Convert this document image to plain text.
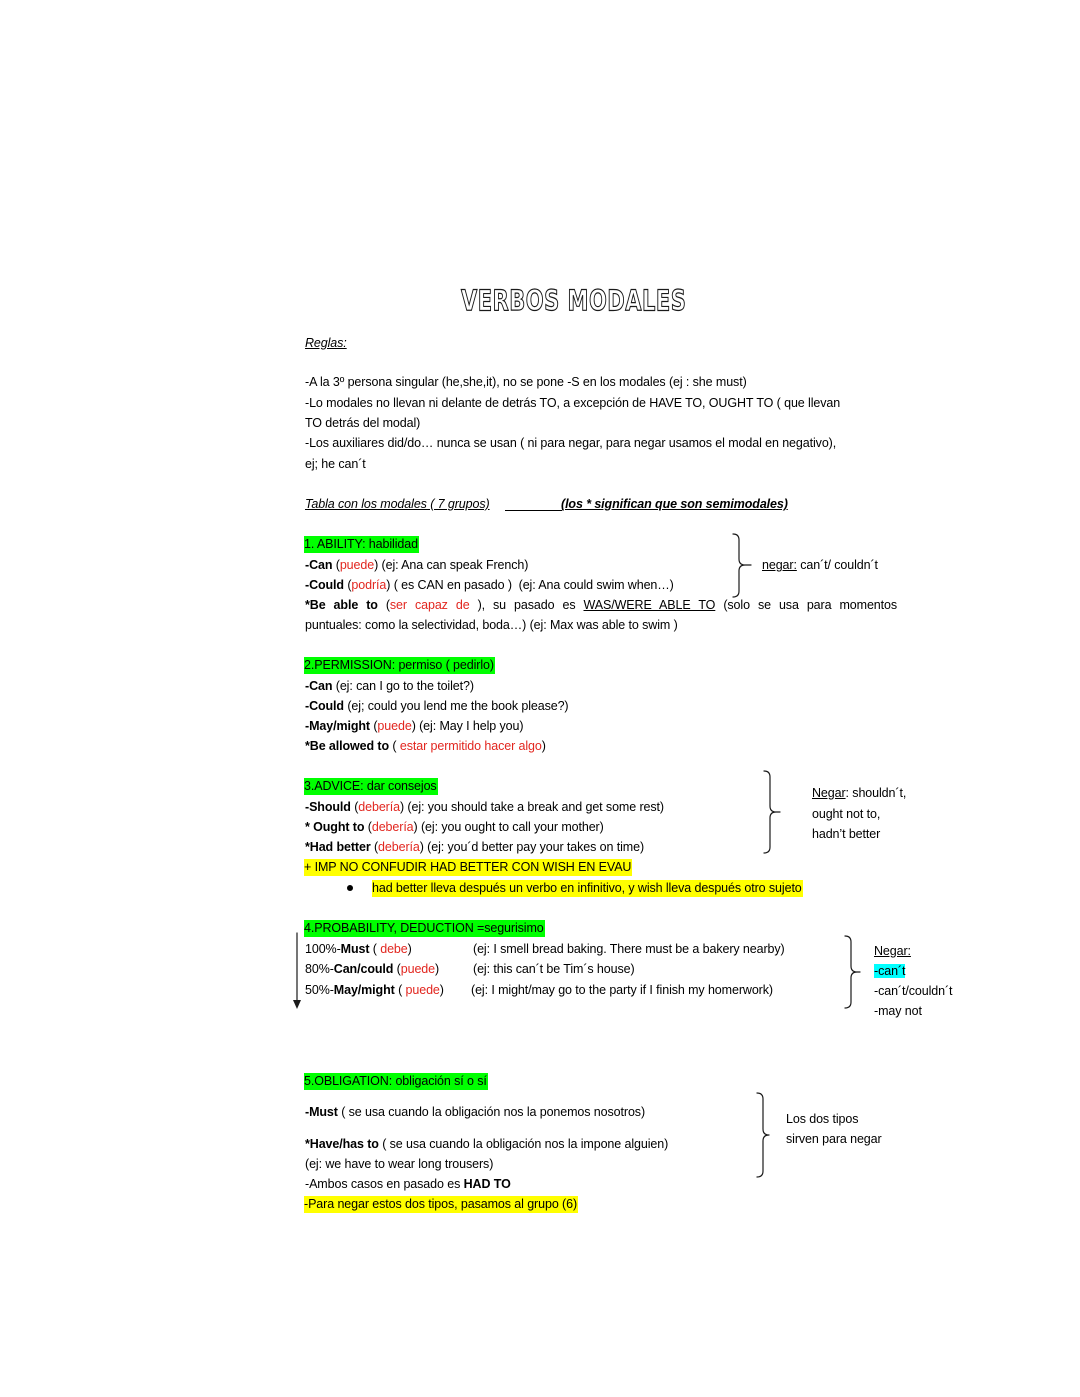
VERBOS MODALES
Reglas:
-A la 3º persona singular (he,she,it), no se pone -S en los modales (ej : she must)
-Lo modales no llevan ni delante de detrás TO, a excepción de HAVE TO, OUGHT TO ( que llevan
TO detrás del modal)
-Los auxiliares did/do… nunca se usan ( ni para negar, para negar usamos el modal en negativo),
ej; he can´t
Tabla con los modales ( 7 grupos)	(los * significan que son semimodales)
1. ABILITY: habilidad
-Can (puede) (ej: Ana can speak French)
-Could (podría) ( es CAN en pasado )  (ej: Ana could swim when…)
*Be able to (ser capaz de ), su pasado es WAS/WERE ABLE TO (solo se usa para momentos
puntuales: como la selectividad, boda…) (ej: Max was able to swim )
negar: can´t/ couldn´t
2.PERMISSION: permiso ( pedirlo)
-Can (ej: can I go to the toilet?)
-Could (ej; could you lend me the book please?)
-May/might (puede) (ej: May I help you)
*Be allowed to ( estar permitido hacer algo)
3.ADVICE: dar consejos
-Should (debería) (ej: you should take a break and get some rest)
* Ought to (debería) (ej: you ought to call your mother)
*Had better (debería) (ej: you´d better pay your takes on time)
+ IMP NO CONFUDIR HAD BETTER CON WISH EN EVAU
had better lleva después un verbo en infinitivo, y wish lleva después otro sujeto
Negar: shouldn´t,
ought not to,
hadn’t better
4.PROBABILITY, DEDUCTION =segurisimo
100%-Must ( debe)	(ej: I smell bread baking. There must be a bakery nearby)
80%-Can/could (puede)	(ej: this can´t be Tim´s house)
50%-May/might ( puede) (ej: I might/may go to the party if I finish my homerwork)
Negar:
-can´t
-can´t/couldn´t
-may not
5.OBLIGATION: obligación sí o sí
-Must ( se usa cuando la obligación nos la ponemos nosotros)
*Have/has to ( se usa cuando la obligación nos la impone alguien)
(ej: we have to wear long trousers)
-Ambos casos en pasado es HAD TO
-Para negar estos dos tipos, pasamos al grupo (6)
Los dos tipos
sirven para negar
